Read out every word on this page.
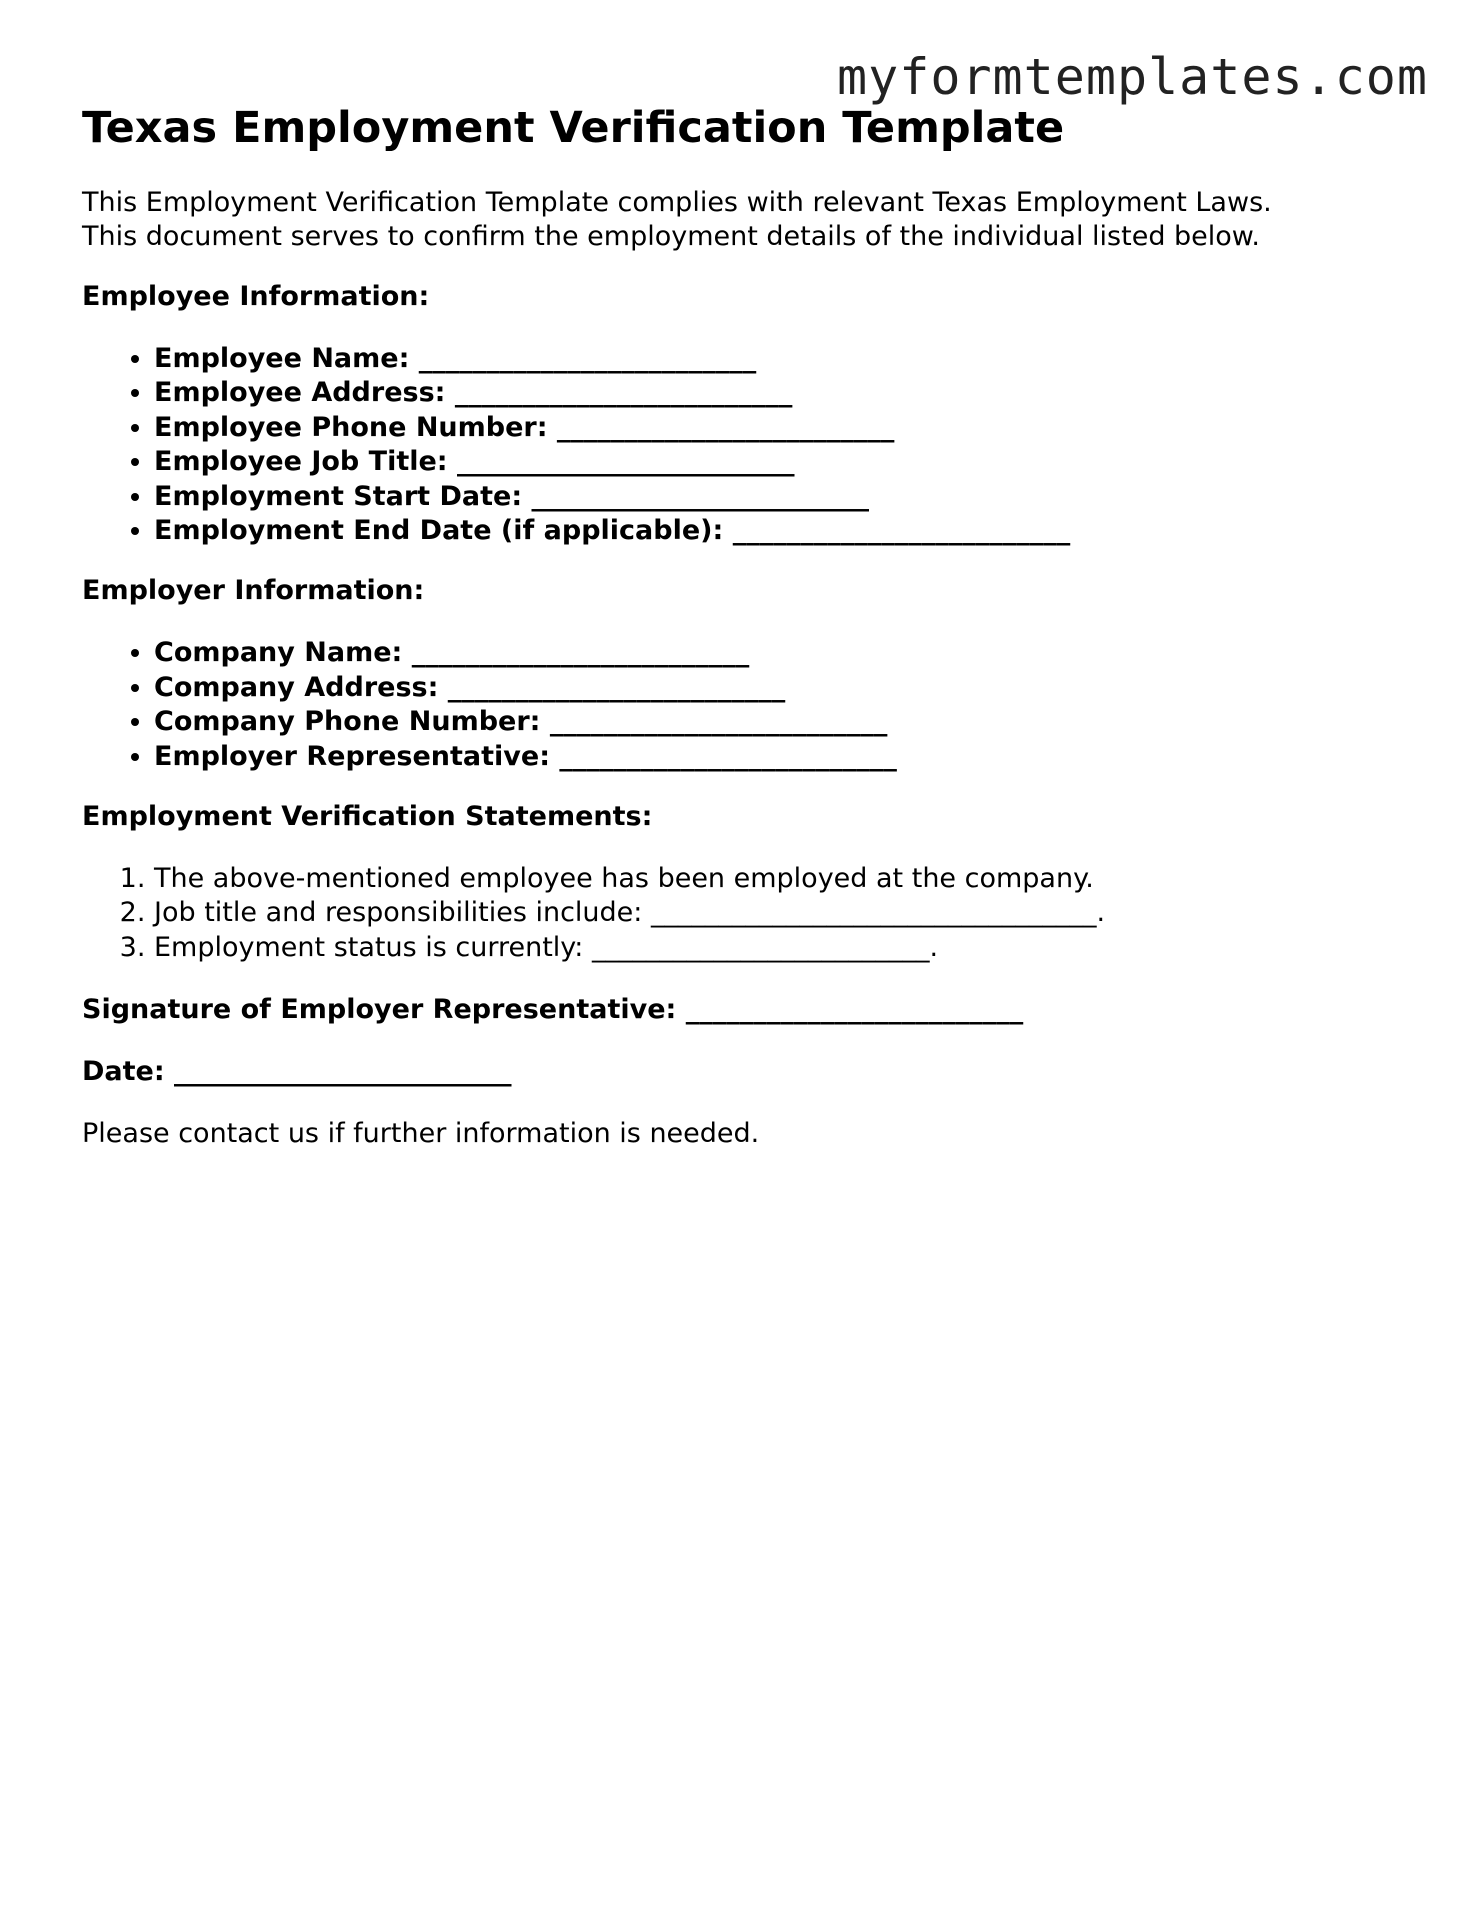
myformtemplates.com
Texas Employment Verification Template
This Employment Verification Template complies with relevant Texas Employment Laws.
This document serves to confirm the employment details of the individual listed below.
Employee Information:
• Employee Name: _________________________
• Employee Address: _________________________
• Employee Phone Number: _________________________
• Employee Job Title: _________________________
• Employment Start Date: _________________________
• Employment End Date (if applicable): _________________________
Employer Information:
• Company Name: _________________________
• Company Address: _________________________
• Company Phone Number: _________________________
• Employer Representative: _________________________
Employment Verification Statements:
1. The above-mentioned employee has been employed at the company.
2. Job title and responsibilities include: _________________________________.
3. Employment status is currently: _________________________.
Signature of Employer Representative: _________________________
Date: _________________________
Please contact us if further information is needed.
